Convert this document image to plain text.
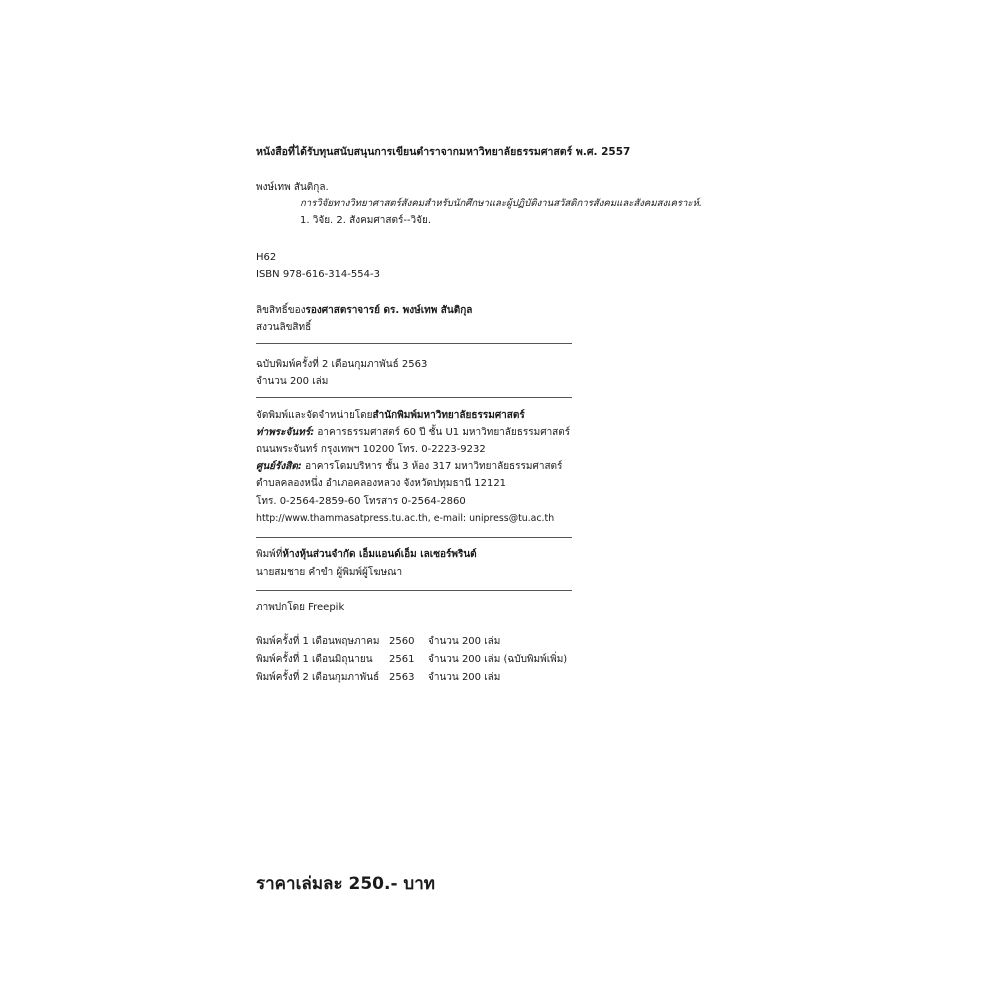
หนังสือที่ได้รับทุนสนับสนุนการเขียนตำราจากมหาวิทยาลัยธรรมศาสตร์ พ.ศ. 2557
พงษ์เทพ สันติกุล.
การวิจัยทางวิทยาศาสตร์สังคมสำหรับนักศึกษาและผู้ปฏิบัติงานสวัสดิการสังคมและสังคมสงเคราะห์.
1. วิจัย. 2. สังคมศาสตร์--วิจัย.
H62
ISBN 978-616-314-554-3
ลิขสิทธิ์ของรองศาสตราจารย์ ดร. พงษ์เทพ สันติกุล
สงวนลิขสิทธิ์
ฉบับพิมพ์ครั้งที่ 2 เดือนกุมภาพันธ์ 2563
จำนวน 200 เล่ม
จัดพิมพ์และจัดจำหน่ายโดยสำนักพิมพ์มหาวิทยาลัยธรรมศาสตร์
ท่าพระจันทร์: อาคารธรรมศาสตร์ 60 ปี ชั้น U1 มหาวิทยาลัยธรรมศาสตร์
ถนนพระจันทร์ กรุงเทพฯ 10200 โทร. 0-2223-9232
ศูนย์รังสิต: อาคารโดมบริหาร ชั้น 3 ห้อง 317 มหาวิทยาลัยธรรมศาสตร์
ตำบลคลองหนึ่ง อำเภอคลองหลวง จังหวัดปทุมธานี 12121
โทร. 0-2564-2859-60 โทรสาร 0-2564-2860
http://www.thammasatpress.tu.ac.th, e-mail: unipress@tu.ac.th
พิมพ์ที่ห้างหุ้นส่วนจำกัด เอ็มแอนด์เอ็ม เลเซอร์พรินต์
นายสมชาย คำขำ ผู้พิมพ์ผู้โฆษณา
ภาพปกโดย Freepik
พิมพ์ครั้งที่ 1 เดือนพฤษภาคม 2560 จำนวน 200 เล่ม
พิมพ์ครั้งที่ 1 เดือนมิถุนายน 2561 จำนวน 200 เล่ม (ฉบับพิมพ์เพิ่ม)
พิมพ์ครั้งที่ 2 เดือนกุมภาพันธ์ 2563 จำนวน 200 เล่ม
ราคาเล่มละ 250.- บาท
